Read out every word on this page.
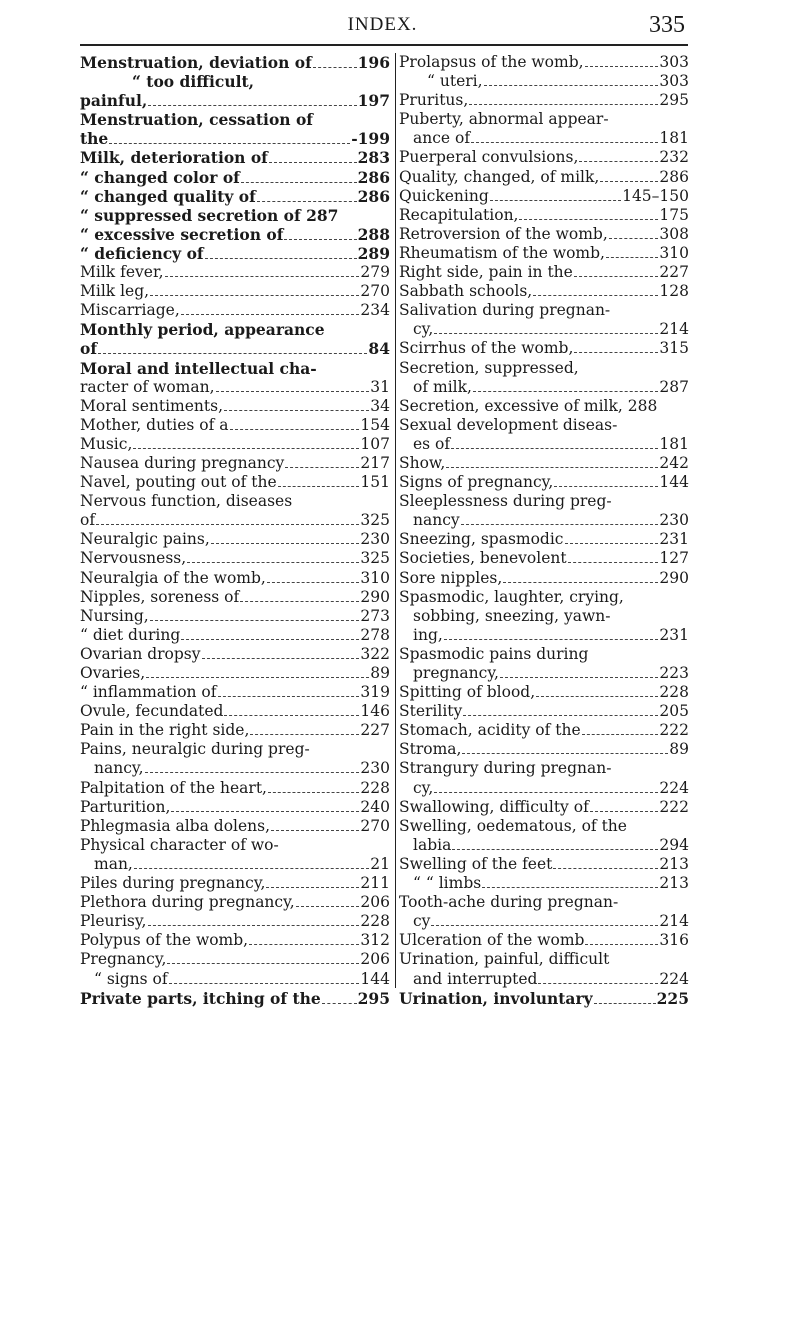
INDEX.	335
Menstruation, deviation of	196
“ too difficult,
painful,	197
Menstruation, cessation of
the	-199
Milk, deterioration of	283
“ changed color of	286
“ changed quality of	286
“ suppressed secretion of 287
“ excessive secretion of	288
“ deficiency of	289
Milk fever,	279
Milk leg,	270
Miscarriage,	234
Monthly period, appearance
of	84
Moral and intellectual cha-
racter of woman,	31
Moral sentiments,	34
Mother, duties of a	154
Music,	107
Nausea during pregnancy	217
Navel, pouting out of the	151
Nervous function, diseases
of	325
Neuralgic pains,	230
Nervousness,	325
Neuralgia of the womb,	310
Nipples, soreness of	290
Nursing,	273
“ diet during	278
Ovarian dropsy	322
Ovaries,	89
“ inflammation of	319
Ovule, fecundated	146
Pain in the right side,	227
Pains, neuralgic during preg-
nancy,	230
Palpitation of the heart,	228
Parturition,	240
Phlegmasia alba dolens,	270
Physical character of wo-
man,	21
Piles during pregnancy,	211
Plethora during pregnancy,	206
Pleurisy,	228
Polypus of the womb,	312
Pregnancy,	206
“ signs of	144
Private parts, itching of the 295
Prolapsus of the womb,	303
“ uteri,	303
Pruritus,	295
Puberty, abnormal appear-
ance of	181
Puerperal convulsions,	232
Quality, changed, of milk,	286
Quickening	145–150
Recapitulation,	175
Retroversion of the womb,	308
Rheumatism of the womb,	310
Right side, pain in the	227
Sabbath schools,	128
Salivation during pregnan-
cy,	214
Scirrhus of the womb,	315
Secretion, suppressed,
of milk,	287
Secretion, excessive of milk, 288
Sexual development diseas-
es of	181
Show,	242
Signs of pregnancy,	144
Sleeplessness during preg-
nancy	230
Sneezing, spasmodic	231
Societies, benevolent	127
Sore nipples,	290
Spasmodic, laughter, crying,
sobbing, sneezing, yawn-
ing,	231
Spasmodic pains during
pregnancy,	223
Spitting of blood,	228
Sterility	205
Stomach, acidity of the	222
Stroma,	89
Strangury during pregnan-
cy,	224
Swallowing, difficulty of	222
Swelling, oedematous, of the
labia	294
Swelling of the feet	213
“ “ limbs	213
Tooth-ache during pregnan-
cy	214
Ulceration of the womb	316
Urination, painful, difficult
and interrupted	224
Urination, involuntary	225
